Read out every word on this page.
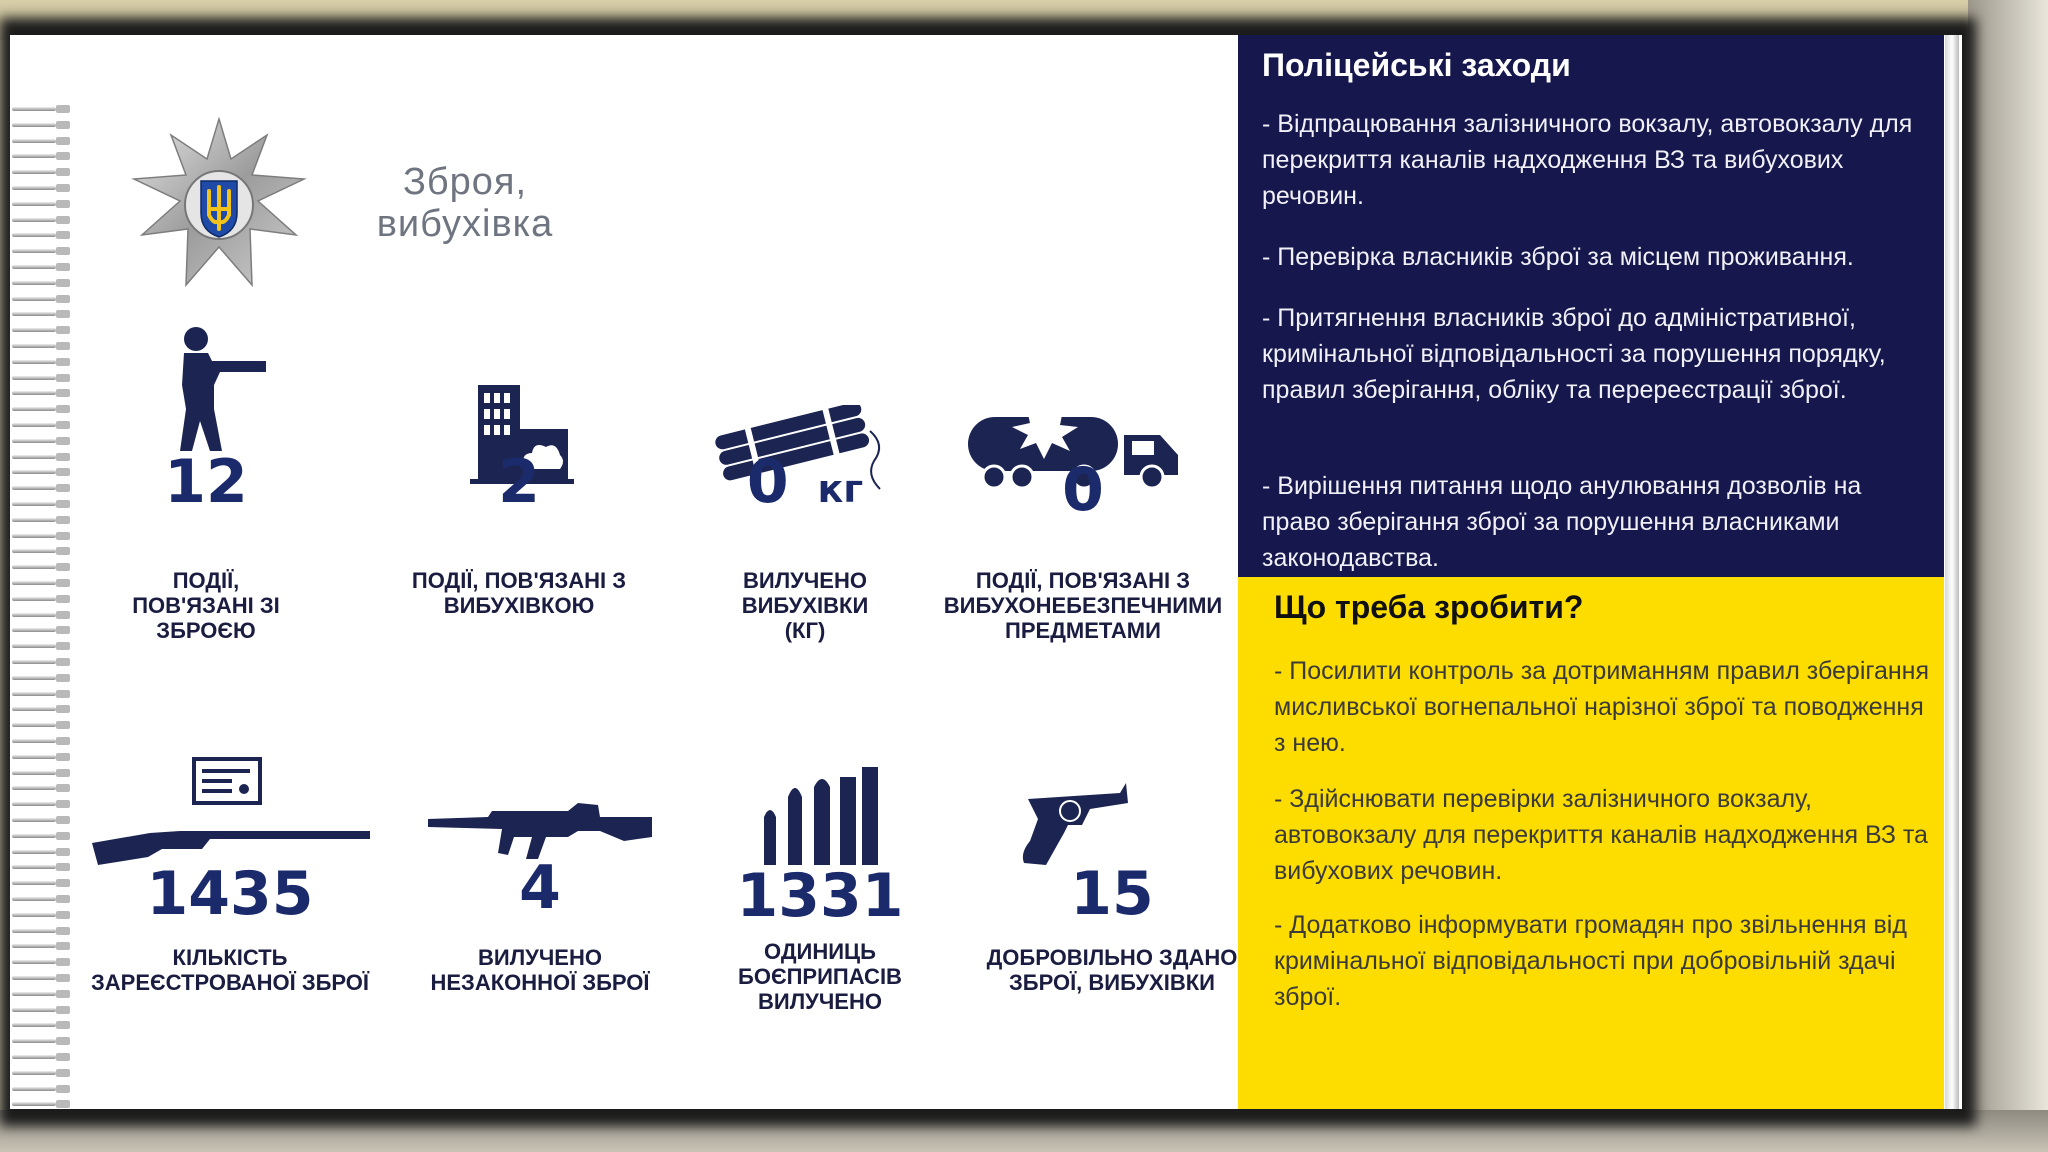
Зброя, вибухівка
12
ПОДІЇ, ПОВ'ЯЗАНІ ЗІ ЗБРОЄЮ
2
ПОДІЇ, ПОВ'ЯЗАНІ З ВИБУХІВКОЮ
0 кг
ВИЛУЧЕНО ВИБУХІВКИ (КГ)
0
ПОДІЇ, ПОВ'ЯЗАНІ З ВИБУХОНЕБЕЗПЕЧНИМИ ПРЕДМЕТАМИ
1435
КІЛЬКІСТЬ ЗАРЕЄСТРОВАНОЇ ЗБРОЇ
4
ВИЛУЧЕНО НЕЗАКОННОЇ ЗБРОЇ
1331
ОДИНИЦЬ БОЄПРИПАСІВ ВИЛУЧЕНО
15
ДОБРОВІЛЬНО ЗДАНО ЗБРОЇ, ВИБУХІВКИ
Поліцейські заходи
- Відпрацювання залізничного вокзалу, автовокзалу для перекриття каналів надходження ВЗ та вибухових речовин.
- Перевірка власників зброї за місцем проживання.
- Притягнення власників зброї до адміністративної, кримінальної відповідальності за порушення порядку, правил зберігання, обліку та перереєстрації зброї.
- Вирішення питання щодо анулювання дозволів на право зберігання зброї за порушення власниками законодавства.
Що треба зробити?
- Посилити контроль за дотриманням правил зберігання мисливської вогнепальної нарізної зброї та поводження з нею.
- Здійснювати перевірки залізничного вокзалу, автовокзалу для перекриття каналів надходження ВЗ та вибухових речовин.
- Додатково інформувати громадян про звільнення від кримінальної відповідальності при добровільній здачі зброї.
